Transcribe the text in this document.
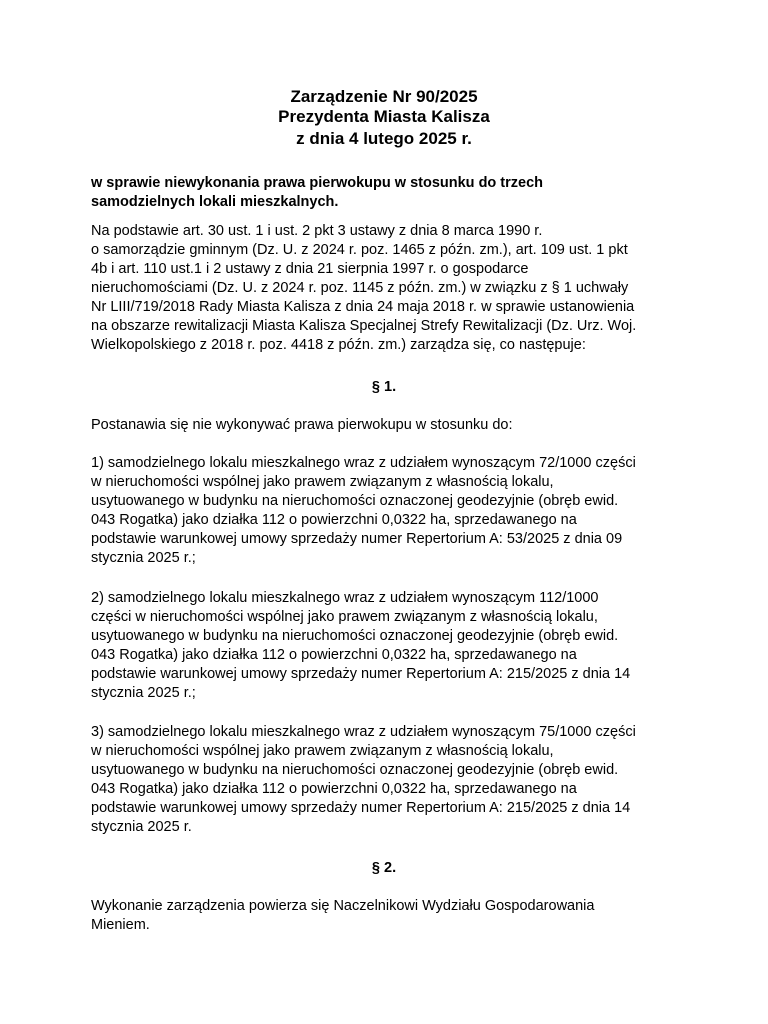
Zarządzenie Nr 90/2025

Prezydenta Miasta Kalisza

z dnia 4 lutego 2025 r.

w sprawie niewykonania prawa pierwokupu w stosunku do trzech
samodzielnych lokali mieszkalnych.

Na podstawie art. 30 ust. 1 i ust. 2 pkt 3 ustawy z dnia 8 marca 1990 r.
o samorządzie gminnym (Dz. U. z 2024 r. poz. 1465 z późn. zm.), art. 109 ust. 1 pkt
4b i art. 110 ust.1 i 2 ustawy z dnia 21 sierpnia 1997 r. o gospodarce
nieruchomościami (Dz. U. z 2024 r. poz. 1145 z późn. zm.) w związku z § 1 uchwały
Nr LIII/719/2018 Rady Miasta Kalisza z dnia 24 maja 2018 r. w sprawie ustanowienia
na obszarze rewitalizacji Miasta Kalisza Specjalnej Strefy Rewitalizacji (Dz. Urz. Woj.
Wielkopolskiego z 2018 r. poz. 4418 z późn. zm.) zarządza się, co następuje:

§ 1.

Postanawia się nie wykonywać prawa pierwokupu w stosunku do:

1) samodzielnego lokalu mieszkalnego wraz z udziałem wynoszącym 72/1000 części
w nieruchomości wspólnej jako prawem związanym z własnością lokalu,
usytuowanego w budynku na nieruchomości oznaczonej geodezyjnie (obręb ewid.
043 Rogatka) jako działka 112 o powierzchni 0,0322 ha, sprzedawanego na
podstawie warunkowej umowy sprzedaży numer Repertorium A: 53/2025 z dnia 09
stycznia 2025 r.;

2) samodzielnego lokalu mieszkalnego wraz z udziałem wynoszącym 112/1000
części w nieruchomości wspólnej jako prawem związanym z własnością lokalu,
usytuowanego w budynku na nieruchomości oznaczonej geodezyjnie (obręb ewid.
043 Rogatka) jako działka 112 o powierzchni 0,0322 ha, sprzedawanego na
podstawie warunkowej umowy sprzedaży numer Repertorium A: 215/2025 z dnia 14
stycznia 2025 r.;

3) samodzielnego lokalu mieszkalnego wraz z udziałem wynoszącym 75/1000 części
w nieruchomości wspólnej jako prawem związanym z własnością lokalu,
usytuowanego w budynku na nieruchomości oznaczonej geodezyjnie (obręb ewid.
043 Rogatka) jako działka 112 o powierzchni 0,0322 ha, sprzedawanego na
podstawie warunkowej umowy sprzedaży numer Repertorium A: 215/2025 z dnia 14
stycznia 2025 r.

§ 2.

Wykonanie zarządzenia powierza się Naczelnikowi Wydziału Gospodarowania
Mieniem.
